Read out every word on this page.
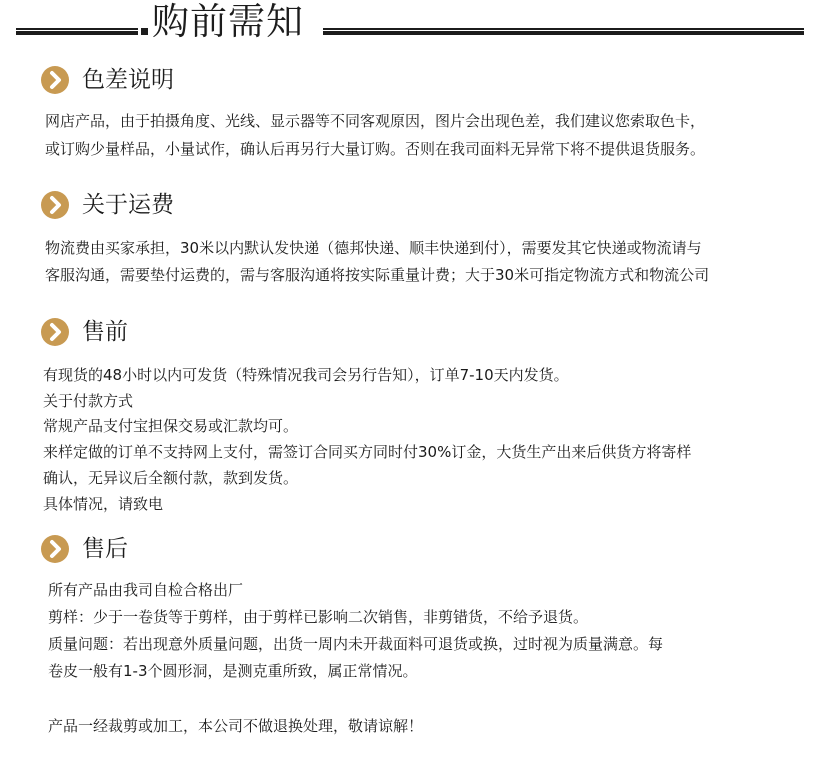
购前需知
色差说明
网店产品，由于拍摄角度、光线、显示器等不同客观原因，图片会出现色差，我们建议您索取色卡，
或订购少量样品，小量试作，确认后再另行大量订购。否则在我司面料无异常下将不提供退货服务。
关于运费
物流费由买家承担，30米以内默认发快递（德邦快递、顺丰快递到付），需要发其它快递或物流请与
客服沟通，需要垫付运费的，需与客服沟通将按实际重量计费；大于30米可指定物流方式和物流公司
售前
有现货的48小时以内可发货（特殊情况我司会另行告知），订单7-10天内发货。
关于付款方式
常规产品支付宝担保交易或汇款均可。
来样定做的订单不支持网上支付，需签订合同买方同时付30%订金，大货生产出来后供货方将寄样
确认，无异议后全额付款，款到发货。
具体情况，请致电
售后
所有产品由我司自检合格出厂
剪样：少于一卷货等于剪样，由于剪样已影响二次销售，非剪错货，不给予退货。
质量问题：若出现意外质量问题，出货一周内未开裁面料可退货或换，过时视为质量满意。每
卷皮一般有1-3个圆形洞，是测克重所致，属正常情况。
产品一经裁剪或加工，本公司不做退换处理，敬请谅解！
